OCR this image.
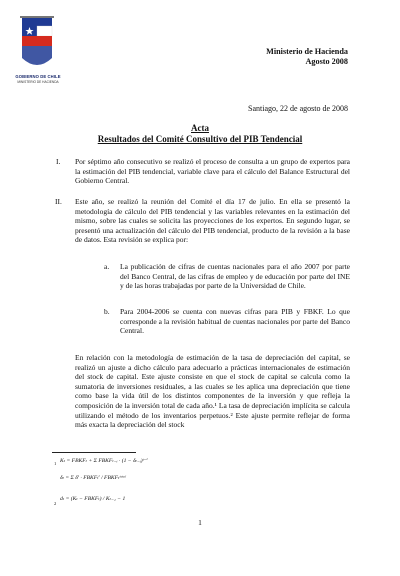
GOBIERNO DE CHILE
MINISTERIO DE HACIENDA
Ministerio de Hacienda
Agosto 2008
Santiago, 22 de agosto de 2008
Acta
Resultados del Comité Consultivo del PIB Tendencial
I. Por séptimo año consecutivo se realizó el proceso de consulta a un grupo de expertos para la estimación del PIB tendencial, variable clave para el cálculo del Balance Estructural del Gobierno Central.
II. Este año, se realizó la reunión del Comité el día 17 de julio. En ella se presentó la metodología de cálculo del PIB tendencial y las variables relevantes en la estimación del mismo, sobre las cuales se solicita las proyecciones de los expertos. En segundo lugar, se presentó una actualización del cálculo del PIB tendencial, producto de la revisión a la base de datos. Esta revisión se explica por:
a. La publicación de cifras de cuentas nacionales para el año 2007 por parte del Banco Central, de las cifras de empleo y de educación por parte del INE y de las horas trabajadas por parte de la Universidad de Chile.
b. Para 2004-2006 se cuenta con nuevas cifras para PIB y FBKF. Lo que corresponde a la revisión habitual de cuentas nacionales por parte del Banco Central.
En relación con la metodología de estimación de la tasa de depreciación del capital, se realizó un ajuste a dicho cálculo para adecuarlo a prácticas internacionales de estimación del stock de capital. Este ajuste consiste en que el stock de capital se calcula como la sumatoria de inversiones residuales, a las cuales se les aplica una depreciación que tiene como base la vida útil de los distintos componentes de la inversión y que refleja la composición de la inversión total de cada año.¹ La tasa de depreciación implícita se calcula utilizando el método de los inventarios perpetuos.² Este ajuste permite reflejar de forma más exacta la depreciación del stock
1 Kₜ = FBKFₜ + Σ FBKFₜ₋ᵢ · (1 − δₜ₋ᵢ)ᵗ⁻ⁱ
δₜ = Σ δⁱ · FBKFₜⁱ / FBKFₜᵗᵒᵗᵃˡ
2
dₜ = (Kₜ − FBKFₜ) / Kₜ₋₁ − 1
1
